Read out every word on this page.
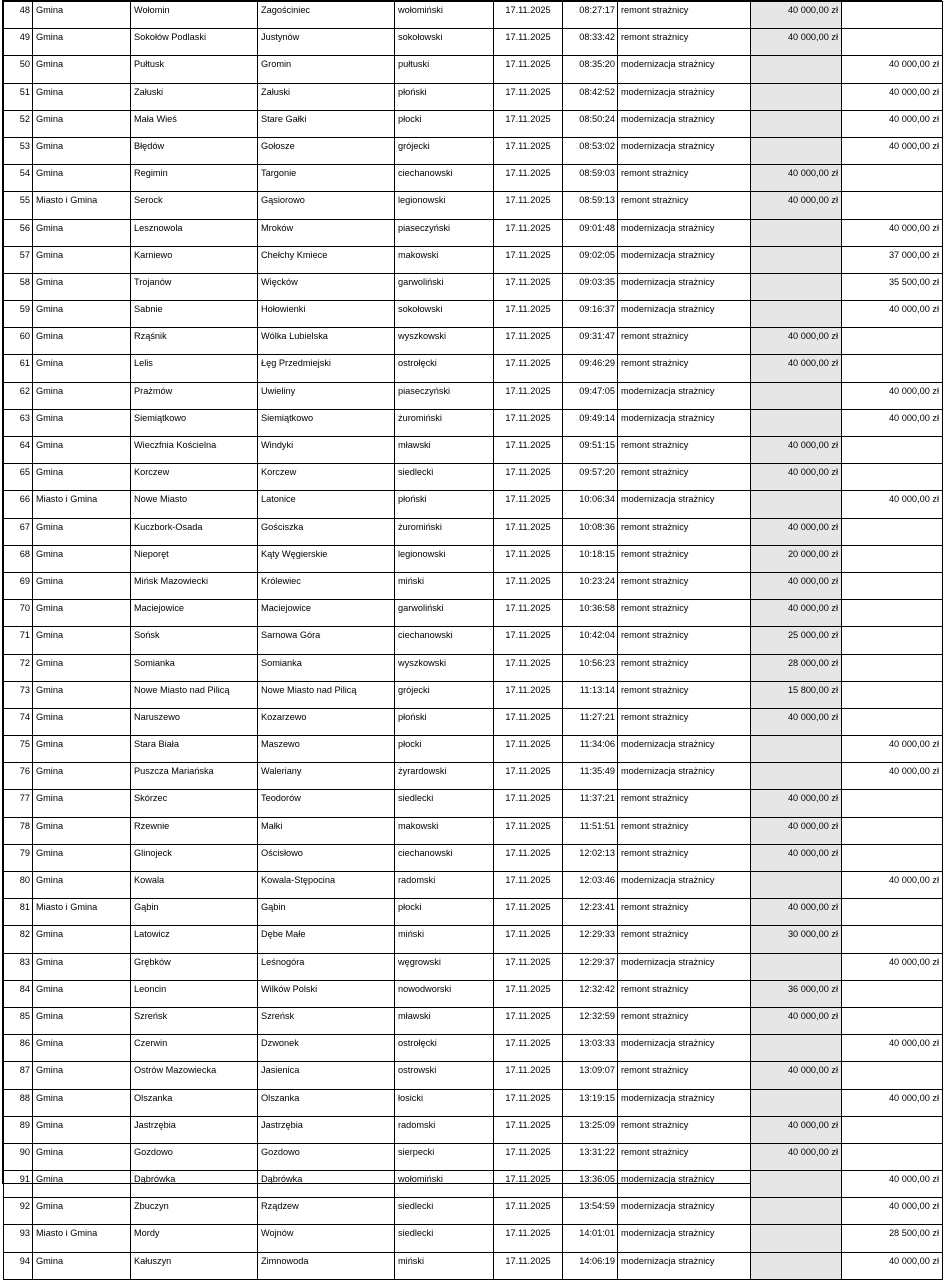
48	Gmina	Wołomin	Zagościniec	wołomiński	17.11.2025	08:27:17	remont strażnicy	40 000,00 zł	
49	Gmina	Sokołów Podlaski	Justynów	sokołowski	17.11.2025	08:33:42	remont strażnicy	40 000,00 zł	
50	Gmina	Pułtusk	Gromin	pułtuski	17.11.2025	08:35:20	modernizacja strażnicy		40 000,00 zł
51	Gmina	Załuski	Załuski	płoński	17.11.2025	08:42:52	modernizacja strażnicy		40 000,00 zł
52	Gmina	Mała Wieś	Stare Gałki	płocki	17.11.2025	08:50:24	modernizacja strażnicy		40 000,00 zł
53	Gmina	Błędów	Gołosze	grójecki	17.11.2025	08:53:02	modernizacja strażnicy		40 000,00 zł
54	Gmina	Regimin	Targonie	ciechanowski	17.11.2025	08:59:03	remont strażnicy	40 000,00 zł	
55	Miasto i Gmina	Serock	Gąsiorowo	legionowski	17.11.2025	08:59:13	remont strażnicy	40 000,00 zł	
56	Gmina	Lesznowola	Mroków	piaseczyński	17.11.2025	09:01:48	modernizacja strażnicy		40 000,00 zł
57	Gmina	Karniewo	Chełchy Kmiece	makowski	17.11.2025	09:02:05	modernizacja strażnicy		37 000,00 zł
58	Gmina	Trojanów	Więcków	garwoliński	17.11.2025	09:03:35	modernizacja strażnicy		35 500,00 zł
59	Gmina	Sabnie	Hołowienki	sokołowski	17.11.2025	09:16:37	modernizacja strażnicy		40 000,00 zł
60	Gmina	Rząśnik	Wólka Lubielska	wyszkowski	17.11.2025	09:31:47	remont strażnicy	40 000,00 zł	
61	Gmina	Lelis	Łęg Przedmiejski	ostrołęcki	17.11.2025	09:46:29	remont strażnicy	40 000,00 zł	
62	Gmina	Prażmów	Uwieliny	piaseczyński	17.11.2025	09:47:05	modernizacja strażnicy		40 000,00 zł
63	Gmina	Siemiątkowo	Siemiątkowo	żuromiński	17.11.2025	09:49:14	modernizacja strażnicy		40 000,00 zł
64	Gmina	Wieczfnia Kościelna	Windyki	mławski	17.11.2025	09:51:15	remont strażnicy	40 000,00 zł	
65	Gmina	Korczew	Korczew	siedlecki	17.11.2025	09:57:20	remont strażnicy	40 000,00 zł	
66	Miasto i Gmina	Nowe Miasto	Latonice	płoński	17.11.2025	10:06:34	modernizacja strażnicy		40 000,00 zł
67	Gmina	Kuczbork-Osada	Gościszka	żuromiński	17.11.2025	10:08:36	remont strażnicy	40 000,00 zł	
68	Gmina	Nieporęt	Kąty Węgierskie	legionowski	17.11.2025	10:18:15	remont strażnicy	20 000,00 zł	
69	Gmina	Mińsk Mazowiecki	Królewiec	miński	17.11.2025	10:23:24	remont strażnicy	40 000,00 zł	
70	Gmina	Maciejowice	Maciejowice	garwoliński	17.11.2025	10:36:58	remont strażnicy	40 000,00 zł	
71	Gmina	Sońsk	Sarnowa Góra	ciechanowski	17.11.2025	10:42:04	remont strażnicy	25 000,00 zł	
72	Gmina	Somianka	Somianka	wyszkowski	17.11.2025	10:56:23	remont strażnicy	28 000,00 zł	
73	Gmina	Nowe Miasto nad Pilicą	Nowe Miasto nad Pilicą	grójecki	17.11.2025	11:13:14	remont strażnicy	15 800,00 zł	
74	Gmina	Naruszewo	Kozarzewo	płoński	17.11.2025	11:27:21	remont strażnicy	40 000,00 zł	
75	Gmina	Stara Biała	Maszewo	płocki	17.11.2025	11:34:06	modernizacja strażnicy		40 000,00 zł
76	Gmina	Puszcza Mariańska	Waleriany	żyrardowski	17.11.2025	11:35:49	modernizacja strażnicy		40 000,00 zł
77	Gmina	Skórzec	Teodorów	siedlecki	17.11.2025	11:37:21	remont strażnicy	40 000,00 zł	
78	Gmina	Rzewnie	Małki	makowski	17.11.2025	11:51:51	remont strażnicy	40 000,00 zł	
79	Gmina	Glinojeck	Ościsłowo	ciechanowski	17.11.2025	12:02:13	remont strażnicy	40 000,00 zł	
80	Gmina	Kowala	Kowala-Stępocina	radomski	17.11.2025	12:03:46	modernizacja strażnicy		40 000,00 zł
81	Miasto i Gmina	Gąbin	Gąbin	płocki	17.11.2025	12:23:41	remont strażnicy	40 000,00 zł	
82	Gmina	Latowicz	Dębe Małe	miński	17.11.2025	12:29:33	remont strażnicy	30 000,00 zł	
83	Gmina	Grębków	Leśnogóra	węgrowski	17.11.2025	12:29:37	modernizacja strażnicy		40 000,00 zł
84	Gmina	Leoncin	Wilków Polski	nowodworski	17.11.2025	12:32:42	remont strażnicy	36 000,00 zł	
85	Gmina	Szreńsk	Szreńsk	mławski	17.11.2025	12:32:59	remont strażnicy	40 000,00 zł	
86	Gmina	Czerwin	Dzwonek	ostrołęcki	17.11.2025	13:03:33	modernizacja strażnicy		40 000,00 zł
87	Gmina	Ostrów Mazowiecka	Jasienica	ostrowski	17.11.2025	13:09:07	remont strażnicy	40 000,00 zł	
88	Gmina	Olszanka	Olszanka	łosicki	17.11.2025	13:19:15	modernizacja strażnicy		40 000,00 zł
89	Gmina	Jastrzębia	Jastrzębia	radomski	17.11.2025	13:25:09	remont strażnicy	40 000,00 zł	
90	Gmina	Gozdowo	Gozdowo	sierpecki	17.11.2025	13:31:22	remont strażnicy	40 000,00 zł	
91	Gmina	Dąbrówka	Dąbrówka	wołomiński	17.11.2025	13:36:05	modernizacja strażnicy		40 000,00 zł
92	Gmina	Zbuczyn	Rządzew	siedlecki	17.11.2025	13:54:59	modernizacja strażnicy		40 000,00 zł
93	Miasto i Gmina	Mordy	Wojnów	siedlecki	17.11.2025	14:01:01	modernizacja strażnicy		28 500,00 zł
94	Gmina	Kałuszyn	Zimnowoda	miński	17.11.2025	14:06:19	modernizacja strażnicy		40 000,00 zł
